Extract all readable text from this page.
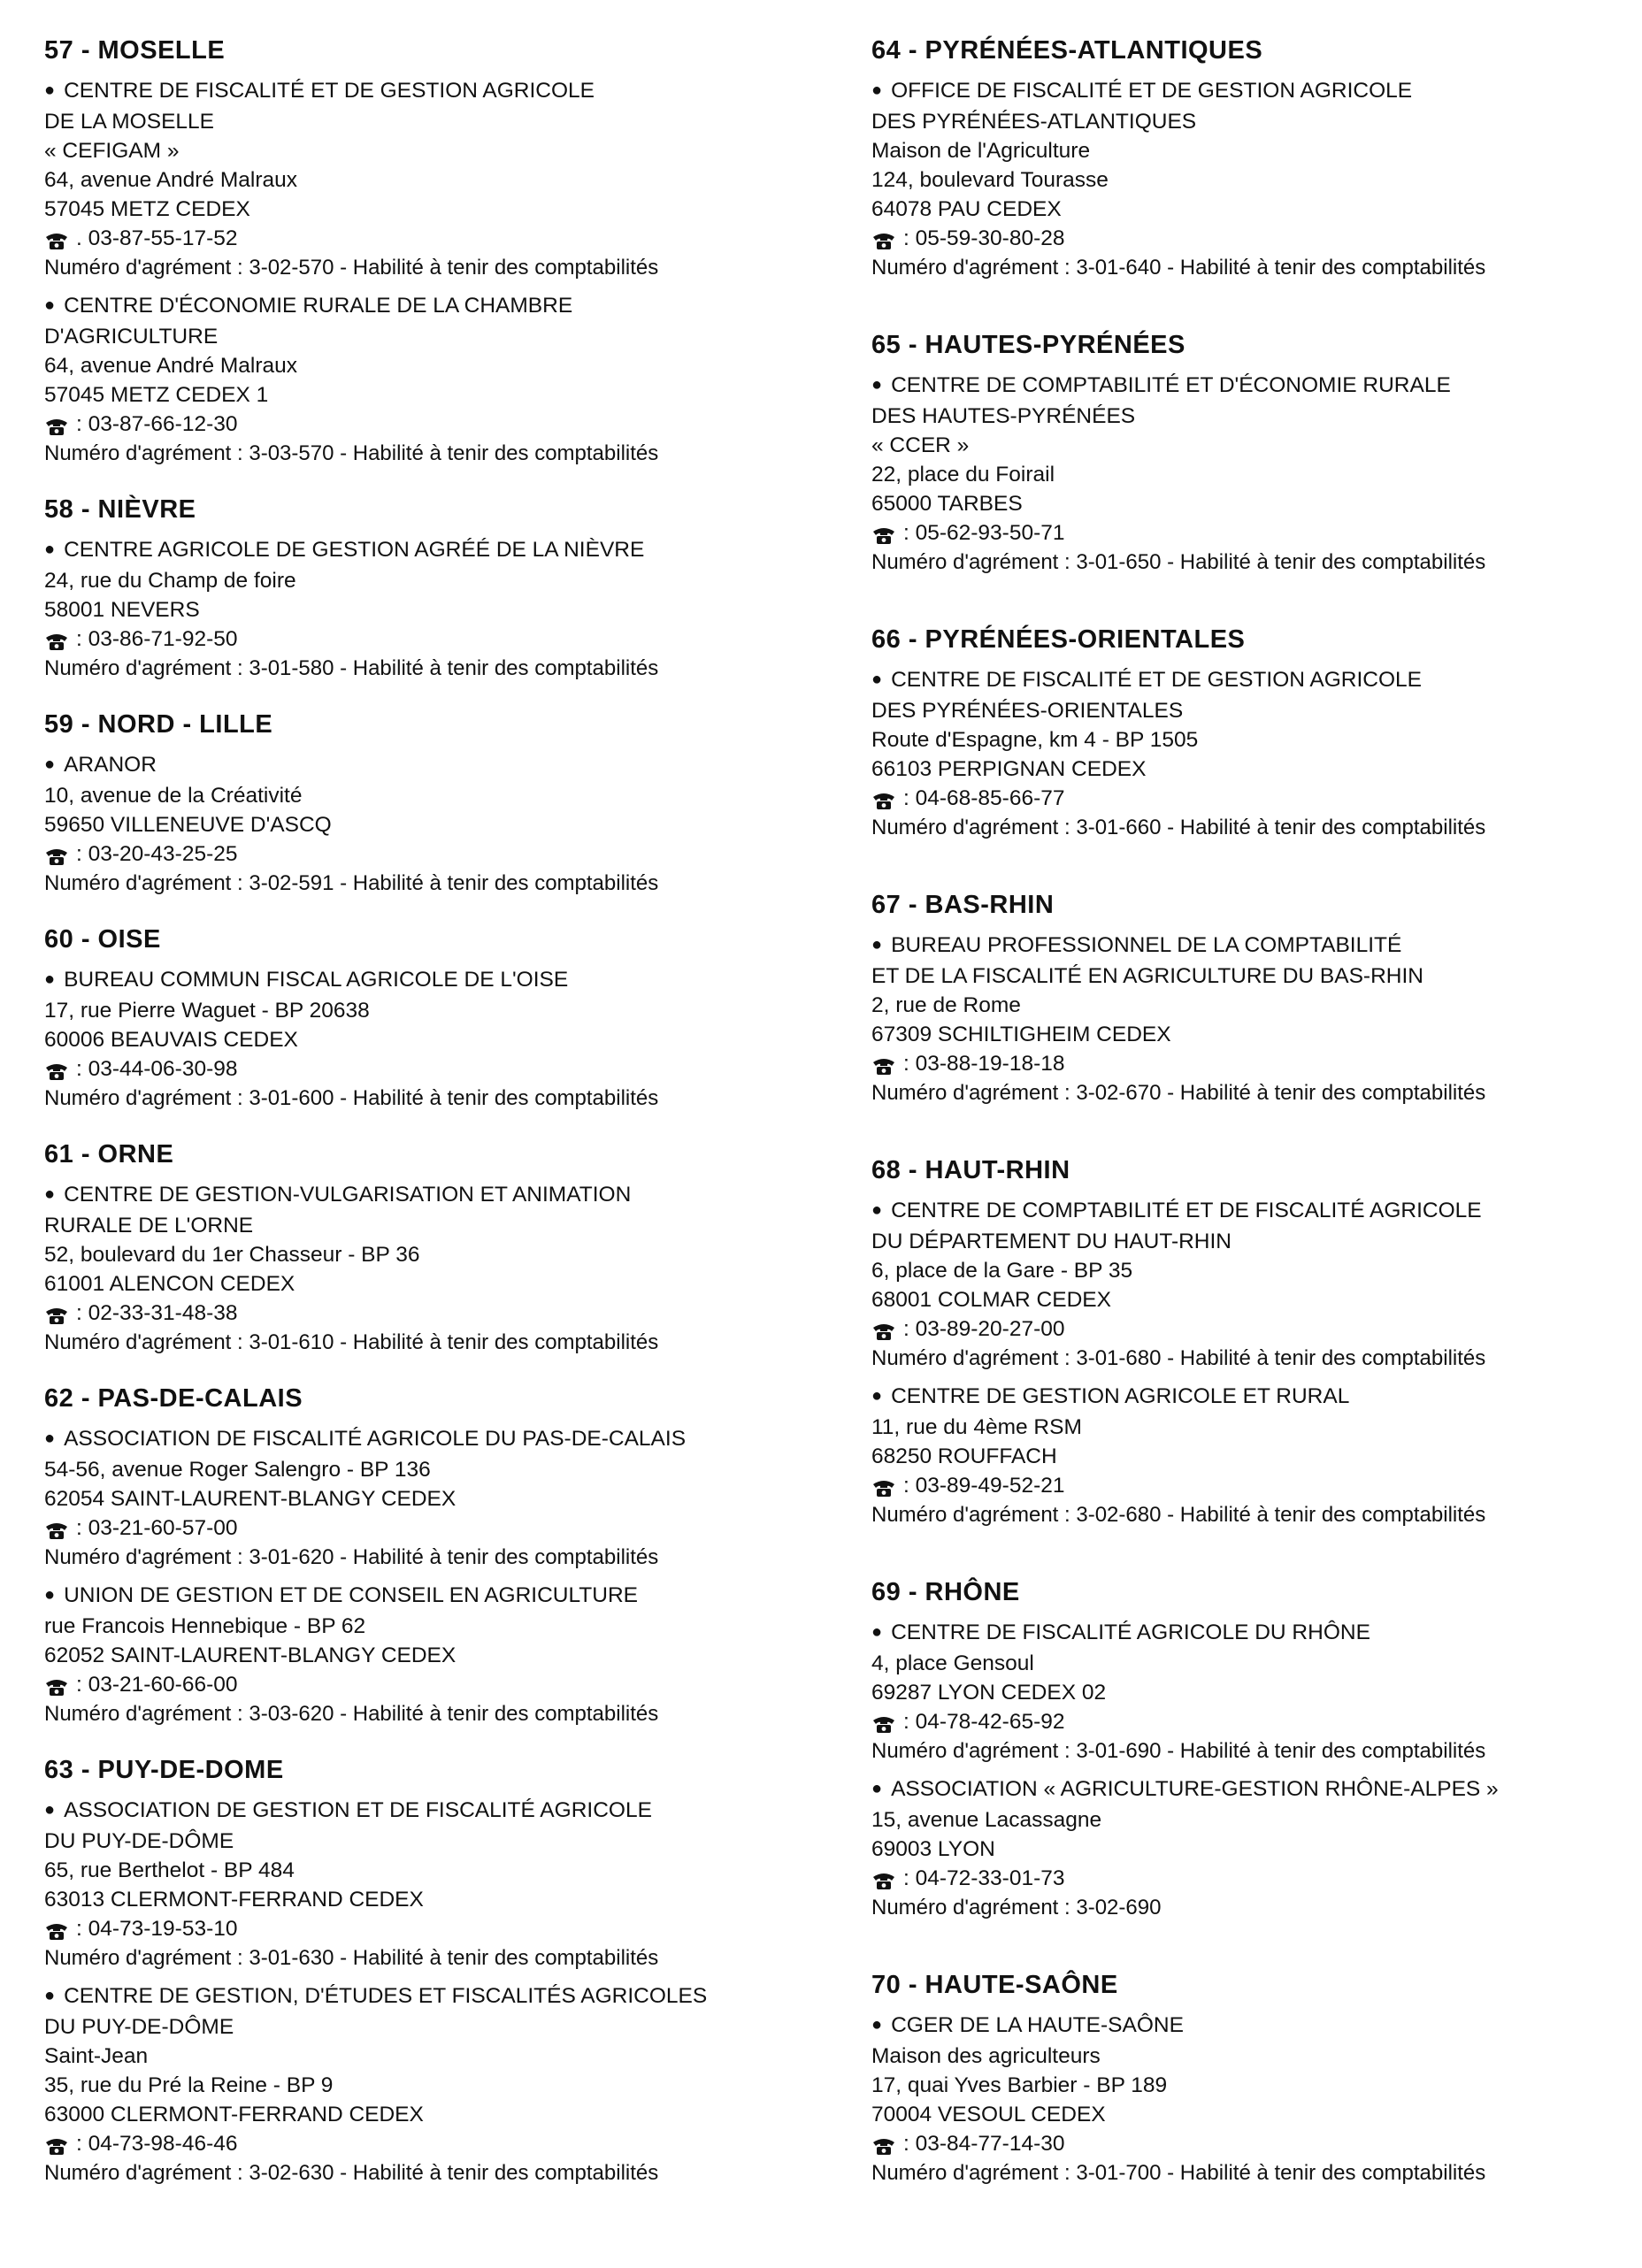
57 - MOSELLE
● CENTRE DE FISCALITÉ ET DE GESTION AGRICOLE
DE LA MOSELLE
« CEFIGAM »
64, avenue André Malraux
57045 METZ CEDEX
. 03-87-55-17-52
Numéro d'agrément : 3-02-570 - Habilité à tenir des comptabilités
● CENTRE D'ÉCONOMIE RURALE DE LA CHAMBRE
D'AGRICULTURE
64, avenue André Malraux
57045 METZ CEDEX 1
: 03-87-66-12-30
Numéro d'agrément : 3-03-570 - Habilité à tenir des comptabilités
58 - NIÈVRE
● CENTRE AGRICOLE DE GESTION AGRÉÉ DE LA NIÈVRE
24, rue du Champ de foire
58001 NEVERS
: 03-86-71-92-50
Numéro d'agrément : 3-01-580 - Habilité à tenir des comptabilités
59 - NORD - LILLE
● ARANOR
10, avenue de la Créativité
59650 VILLENEUVE D'ASCQ
: 03-20-43-25-25
Numéro d'agrément : 3-02-591 - Habilité à tenir des comptabilités
60 - OISE
● BUREAU COMMUN FISCAL AGRICOLE DE L'OISE
17, rue Pierre Waguet - BP 20638
60006 BEAUVAIS CEDEX
: 03-44-06-30-98
Numéro d'agrément : 3-01-600 - Habilité à tenir des comptabilités
61 - ORNE
● CENTRE DE GESTION-VULGARISATION ET ANIMATION
RURALE DE L'ORNE
52, boulevard du 1er Chasseur - BP 36
61001 ALENCON CEDEX
: 02-33-31-48-38
Numéro d'agrément : 3-01-610 - Habilité à tenir des comptabilités
62 - PAS-DE-CALAIS
● ASSOCIATION DE FISCALITÉ AGRICOLE DU PAS-DE-CALAIS
54-56, avenue Roger Salengro - BP 136
62054 SAINT-LAURENT-BLANGY CEDEX
: 03-21-60-57-00
Numéro d'agrément : 3-01-620 - Habilité à tenir des comptabilités
● UNION DE GESTION ET DE CONSEIL EN AGRICULTURE
rue Francois Hennebique - BP 62
62052 SAINT-LAURENT-BLANGY CEDEX
: 03-21-60-66-00
Numéro d'agrément : 3-03-620 - Habilité à tenir des comptabilités
63 - PUY-DE-DOME
● ASSOCIATION DE GESTION ET DE FISCALITÉ AGRICOLE
DU PUY-DE-DÔME
65, rue Berthelot - BP 484
63013 CLERMONT-FERRAND CEDEX
: 04-73-19-53-10
Numéro d'agrément : 3-01-630 - Habilité à tenir des comptabilités
● CENTRE DE GESTION, D'ÉTUDES ET FISCALITÉS AGRICOLES
DU PUY-DE-DÔME
Saint-Jean
35, rue du Pré la Reine - BP 9
63000 CLERMONT-FERRAND CEDEX
: 04-73-98-46-46
Numéro d'agrément : 3-02-630 - Habilité à tenir des comptabilités
64 - PYRÉNÉES-ATLANTIQUES
● OFFICE DE FISCALITÉ ET DE GESTION AGRICOLE
DES PYRÉNÉES-ATLANTIQUES
Maison de l'Agriculture
124, boulevard Tourasse
64078 PAU CEDEX
: 05-59-30-80-28
Numéro d'agrément : 3-01-640 - Habilité à tenir des comptabilités
65 - HAUTES-PYRÉNÉES
● CENTRE DE COMPTABILITÉ ET D'ÉCONOMIE RURALE
DES HAUTES-PYRÉNÉES
« CCER »
22, place du Foirail
65000 TARBES
: 05-62-93-50-71
Numéro d'agrément : 3-01-650 - Habilité à tenir des comptabilités
66 - PYRÉNÉES-ORIENTALES
● CENTRE DE FISCALITÉ ET DE GESTION AGRICOLE
DES PYRÉNÉES-ORIENTALES
Route d'Espagne, km 4 - BP 1505
66103 PERPIGNAN CEDEX
: 04-68-85-66-77
Numéro d'agrément : 3-01-660 - Habilité à tenir des comptabilités
67 - BAS-RHIN
● BUREAU PROFESSIONNEL DE LA COMPTABILITÉ
ET DE LA FISCALITÉ EN AGRICULTURE DU BAS-RHIN
2, rue de Rome
67309 SCHILTIGHEIM CEDEX
: 03-88-19-18-18
Numéro d'agrément : 3-02-670 - Habilité à tenir des comptabilités
68 - HAUT-RHIN
● CENTRE DE COMPTABILITÉ ET DE FISCALITÉ AGRICOLE
DU DÉPARTEMENT DU HAUT-RHIN
6, place de la Gare - BP 35
68001 COLMAR CEDEX
: 03-89-20-27-00
Numéro d'agrément : 3-01-680 - Habilité à tenir des comptabilités
● CENTRE DE GESTION AGRICOLE ET RURAL
11, rue du 4ème RSM
68250 ROUFFACH
: 03-89-49-52-21
Numéro d'agrément : 3-02-680 - Habilité à tenir des comptabilités
69 - RHÔNE
● CENTRE DE FISCALITÉ AGRICOLE DU RHÔNE
4, place Gensoul
69287 LYON CEDEX 02
: 04-78-42-65-92
Numéro d'agrément : 3-01-690 - Habilité à tenir des comptabilités
● ASSOCIATION « AGRICULTURE-GESTION RHÔNE-ALPES »
15, avenue Lacassagne
69003 LYON
: 04-72-33-01-73
Numéro d'agrément : 3-02-690
70 - HAUTE-SAÔNE
● CGER DE LA HAUTE-SAÔNE
Maison des agriculteurs
17, quai Yves Barbier - BP 189
70004 VESOUL CEDEX
: 03-84-77-14-30
Numéro d'agrément : 3-01-700 - Habilité à tenir des comptabilités
